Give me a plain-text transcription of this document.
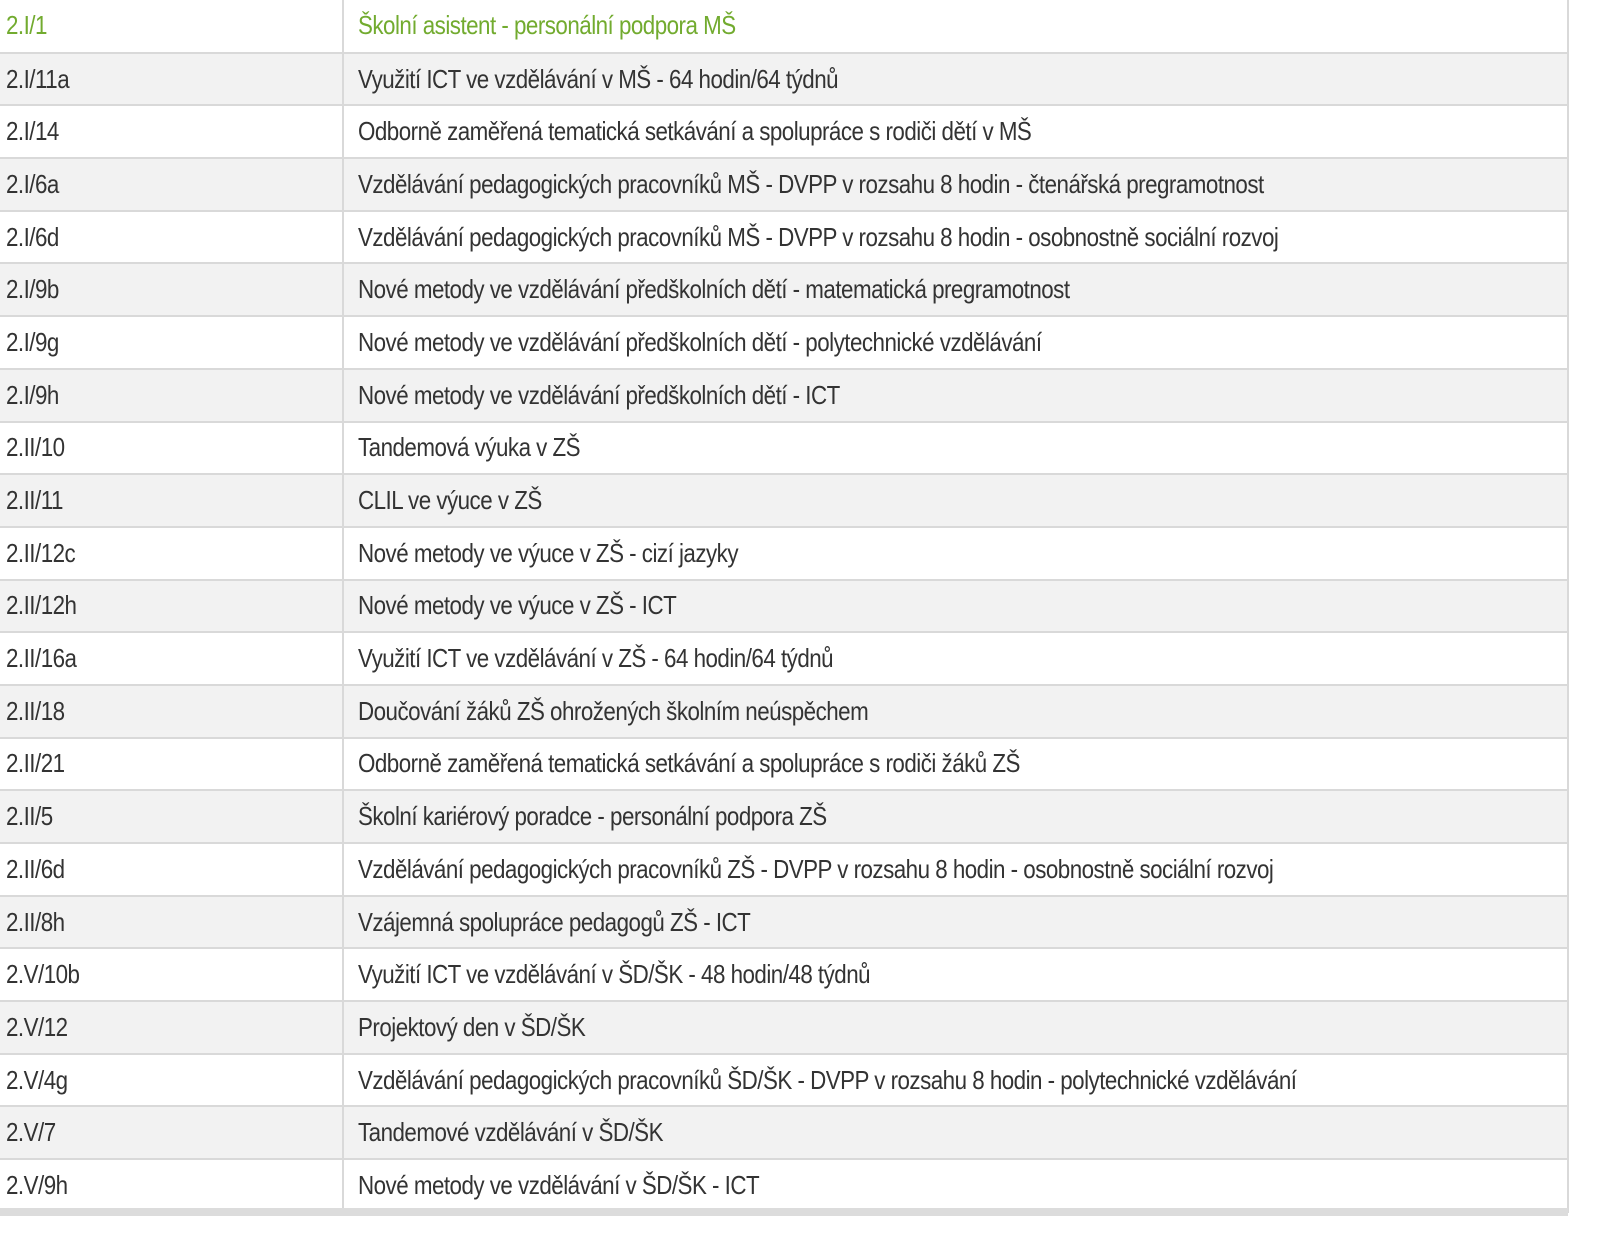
2.I/1	Školní asistent - personální podpora MŠ
2.I/11a	Využití ICT ve vzdělávání v MŠ - 64 hodin/64 týdnů
2.I/14	Odborně zaměřená tematická setkávání a spolupráce s rodiči dětí v MŠ
2.I/6a	Vzdělávání pedagogických pracovníků MŠ - DVPP v rozsahu 8 hodin - čtenářská pregramotnost
2.I/6d	Vzdělávání pedagogických pracovníků MŠ - DVPP v rozsahu 8 hodin - osobnostně sociální rozvoj
2.I/9b	Nové metody ve vzdělávání předškolních dětí - matematická pregramotnost
2.I/9g	Nové metody ve vzdělávání předškolních dětí - polytechnické vzdělávání
2.I/9h	Nové metody ve vzdělávání předškolních dětí - ICT
2.II/10	Tandemová výuka v ZŠ
2.II/11	CLIL ve výuce v ZŠ
2.II/12c	Nové metody ve výuce v ZŠ - cizí jazyky
2.II/12h	Nové metody ve výuce v ZŠ - ICT
2.II/16a	Využití ICT ve vzdělávání v ZŠ - 64 hodin/64 týdnů
2.II/18	Doučování žáků ZŠ ohrožených školním neúspěchem
2.II/21	Odborně zaměřená tematická setkávání a spolupráce s rodiči žáků ZŠ
2.II/5	Školní kariérový poradce - personální podpora ZŠ
2.II/6d	Vzdělávání pedagogických pracovníků ZŠ - DVPP v rozsahu 8 hodin - osobnostně sociální rozvoj
2.II/8h	Vzájemná spolupráce pedagogů ZŠ - ICT
2.V/10b	Využití ICT ve vzdělávání v ŠD/ŠK - 48 hodin/48 týdnů
2.V/12	Projektový den v ŠD/ŠK
2.V/4g	Vzdělávání pedagogických pracovníků ŠD/ŠK - DVPP v rozsahu 8 hodin - polytechnické vzdělávání
2.V/7	Tandemové vzdělávání v ŠD/ŠK
2.V/9h	Nové metody ve vzdělávání v ŠD/ŠK - ICT
